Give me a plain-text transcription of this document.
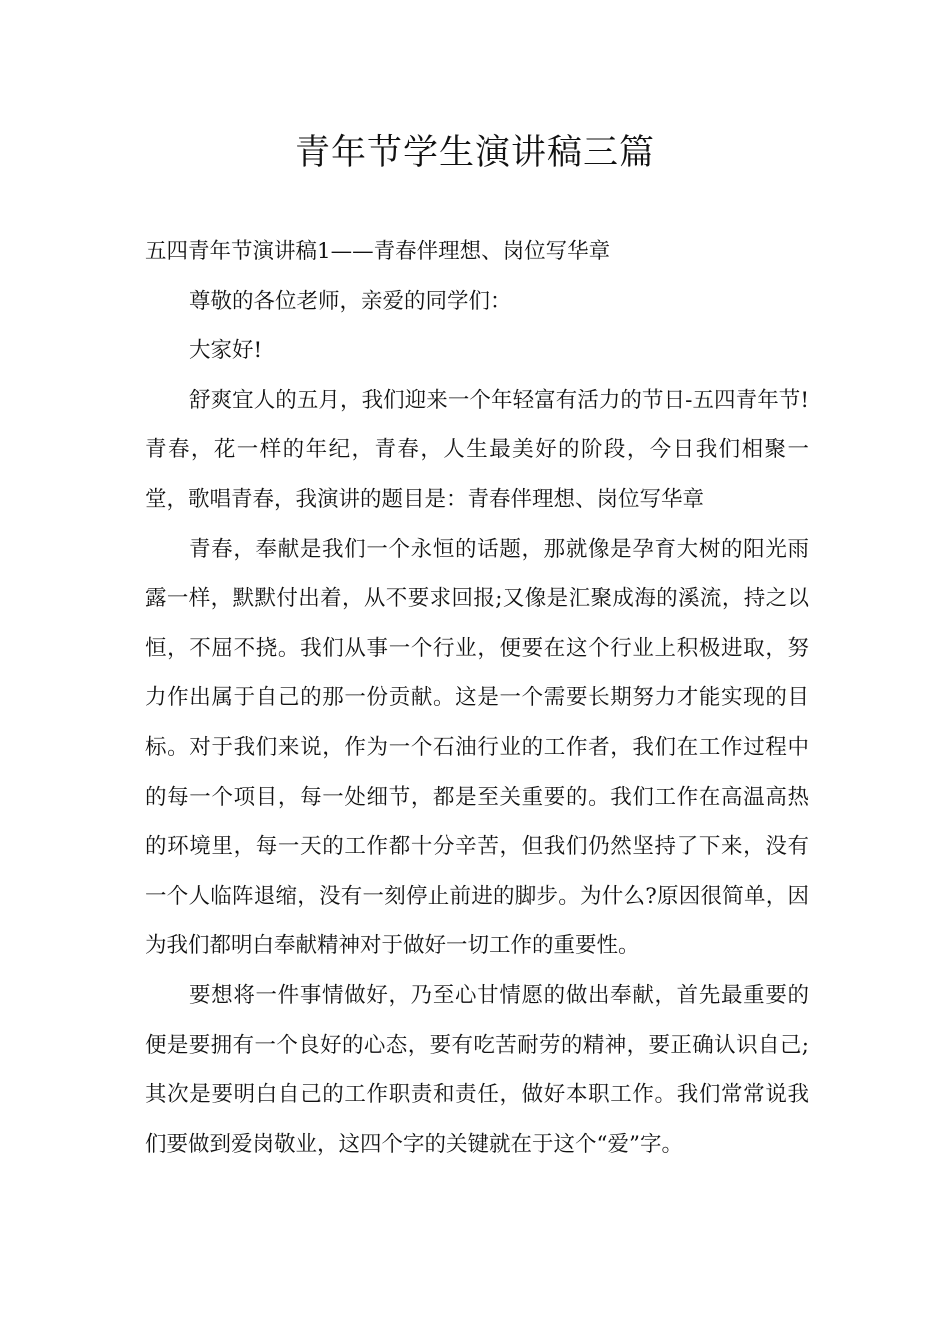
青年节学生演讲稿三篇

五四青年节演讲稿1——青春伴理想、岗位写华章

尊敬的各位老师，亲爱的同学们：

大家好!

舒爽宜人的五月，我们迎来一个年轻富有活力的节日-五四青年节!青春，花一样的年纪，青春，人生最美好的阶段，今日我们相聚一堂，歌唱青春，我演讲的题目是：青春伴理想、岗位写华章

青春，奉献是我们一个永恒的话题，那就像是孕育大树的阳光雨露一样，默默付出着，从不要求回报;又像是汇聚成海的溪流，持之以恒，不屈不挠。我们从事一个行业，便要在这个行业上积极进取，努力作出属于自己的那一份贡献。这是一个需要长期努力才能实现的目标。对于我们来说，作为一个石油行业的工作者，我们在工作过程中的每一个项目，每一处细节，都是至关重要的。我们工作在高温高热的环境里，每一天的工作都十分辛苦，但我们仍然坚持了下来，没有一个人临阵退缩，没有一刻停止前进的脚步。为什么?原因很简单，因为我们都明白奉献精神对于做好一切工作的重要性。

要想将一件事情做好，乃至心甘情愿的做出奉献，首先最重要的便是要拥有一个良好的心态，要有吃苦耐劳的精神，要正确认识自己;其次是要明白自己的工作职责和责任，做好本职工作。我们常常说我们要做到爱岗敬业，这四个字的关键就在于这个“爱”字。
